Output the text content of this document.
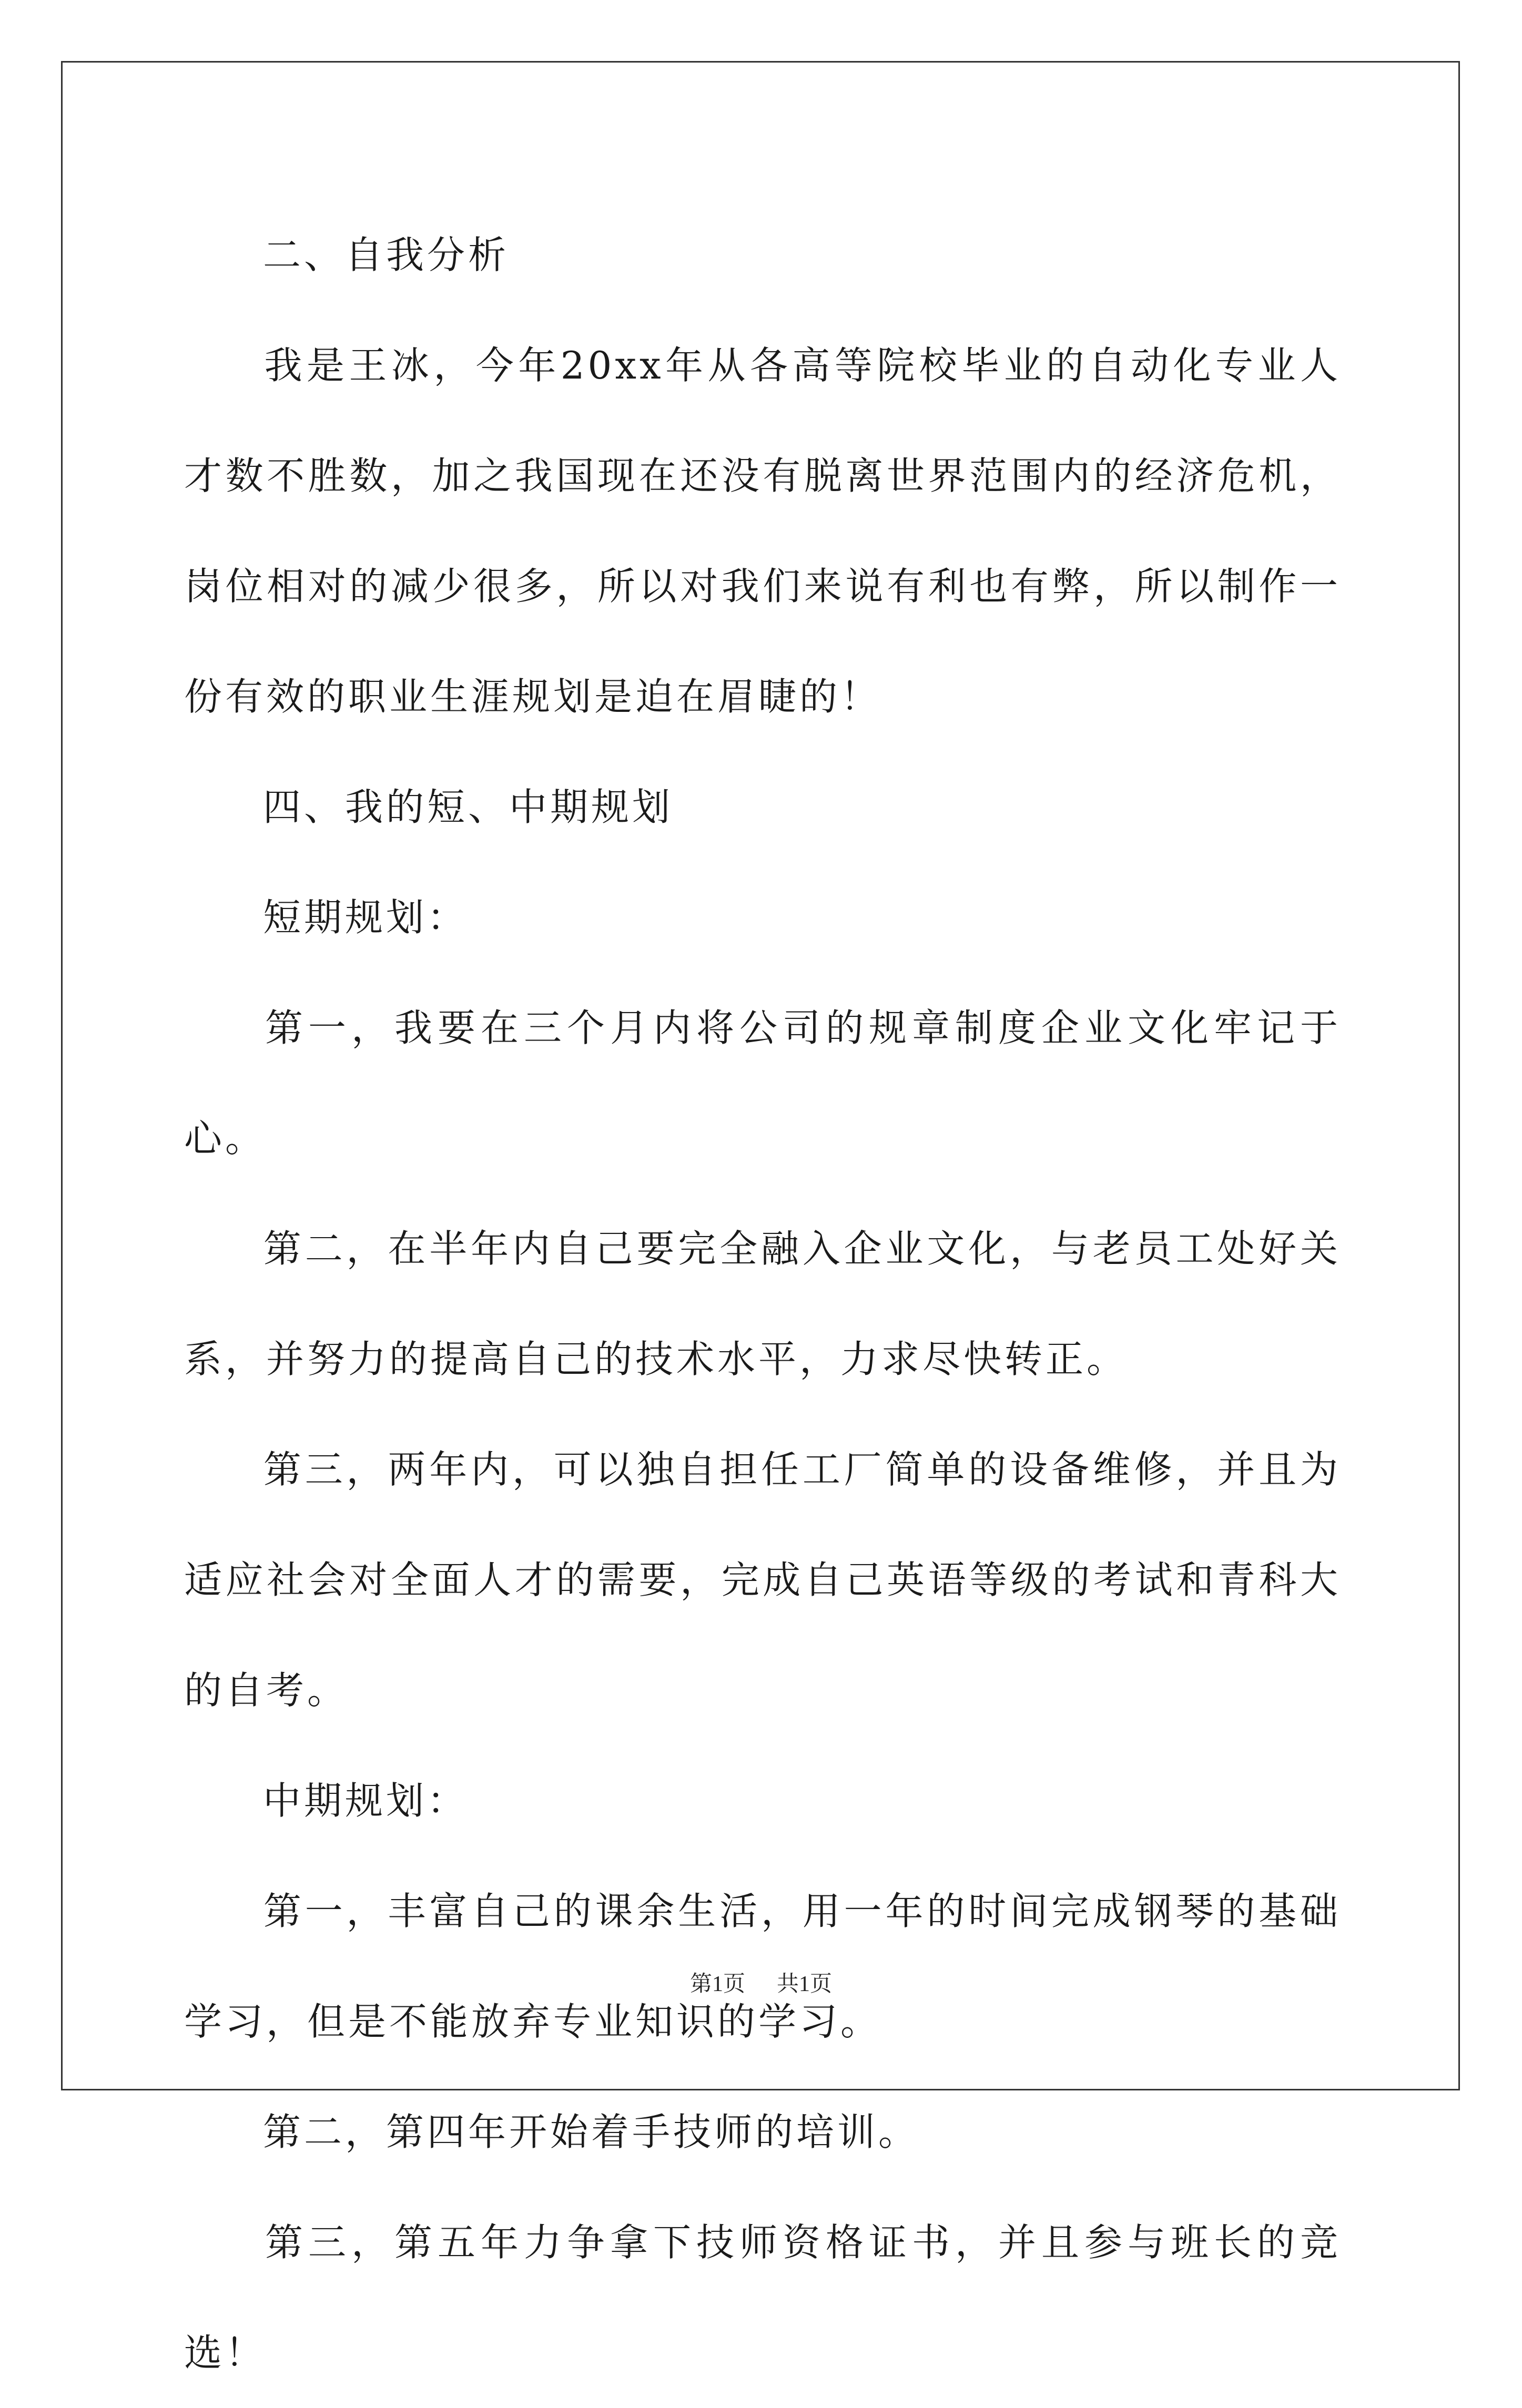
二、自我分析

我是王冰，今年20xx年从各高等院校毕业的自动化专业人才数不胜数，加之我国现在还没有脱离世界范围内的经济危机，岗位相对的减少很多，所以对我们来说有利也有弊，所以制作一份有效的职业生涯规划是迫在眉睫的！

四、我的短、中期规划

短期规划：

第一，我要在三个月内将公司的规章制度企业文化牢记于心。

第二，在半年内自己要完全融入企业文化，与老员工处好关系，并努力的提高自己的技术水平，力求尽快转正。

第三，两年内，可以独自担任工厂简单的设备维修，并且为适应社会对全面人才的需要，完成自己英语等级的考试和青科大的自考。

中期规划：

第一，丰富自己的课余生活，用一年的时间完成钢琴的基础学习，但是不能放弃专业知识的学习。

第二，第四年开始着手技师的培训。

第三，第五年力争拿下技师资格证书，并且参与班长的竞选！

第1页 共1页
